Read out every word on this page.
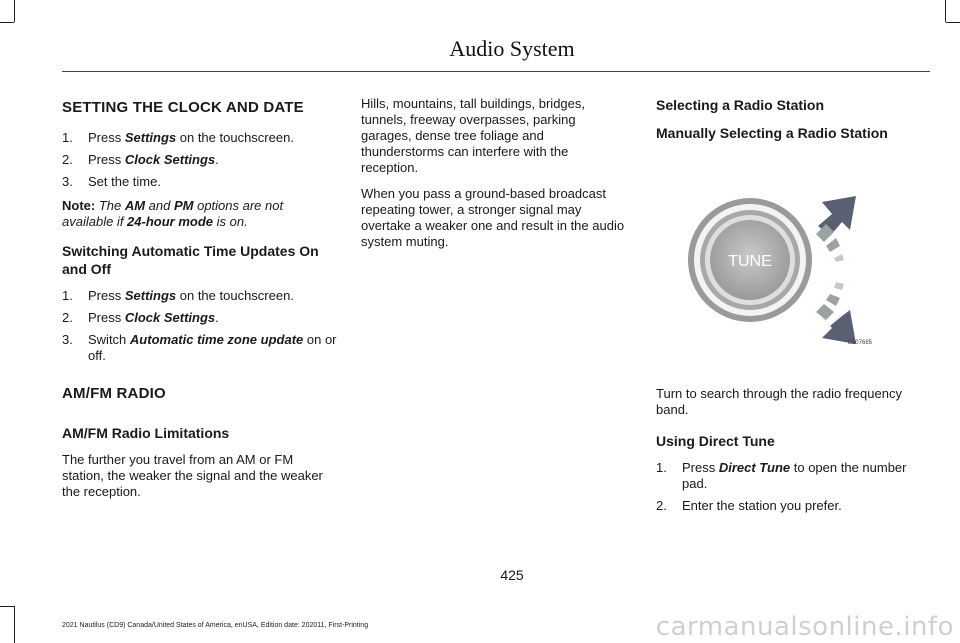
Audio System
SETTING THE CLOCK AND DATE
1. Press Settings on the touchscreen.
2. Press Clock Settings.
3. Set the time.
Note: The AM and PM options are not available if 24-hour mode is on.
Switching Automatic Time Updates On and Off
1. Press Settings on the touchscreen.
2. Press Clock Settings.
3. Switch Automatic time zone update on or off.
AM/FM RADIO
AM/FM Radio Limitations
The further you travel from an AM or FM station, the weaker the signal and the weaker the reception.
Hills, mountains, tall buildings, bridges, tunnels, freeway overpasses, parking garages, dense tree foliage and thunderstorms can interfere with the reception.
When you pass a ground-based broadcast repeating tower, a stronger signal may overtake a weaker one and result in the audio system muting.
Selecting a Radio Station
Manually Selecting a Radio Station
TUNE
E207685
Turn to search through the radio frequency band.
Using Direct Tune
1. Press Direct Tune to open the number pad.
2. Enter the station you prefer.
425
2021 Nautilus (CD9) Canada/United States of America, enUSA, Edition date: 202011, First-Printing	carmanualsonline.info
